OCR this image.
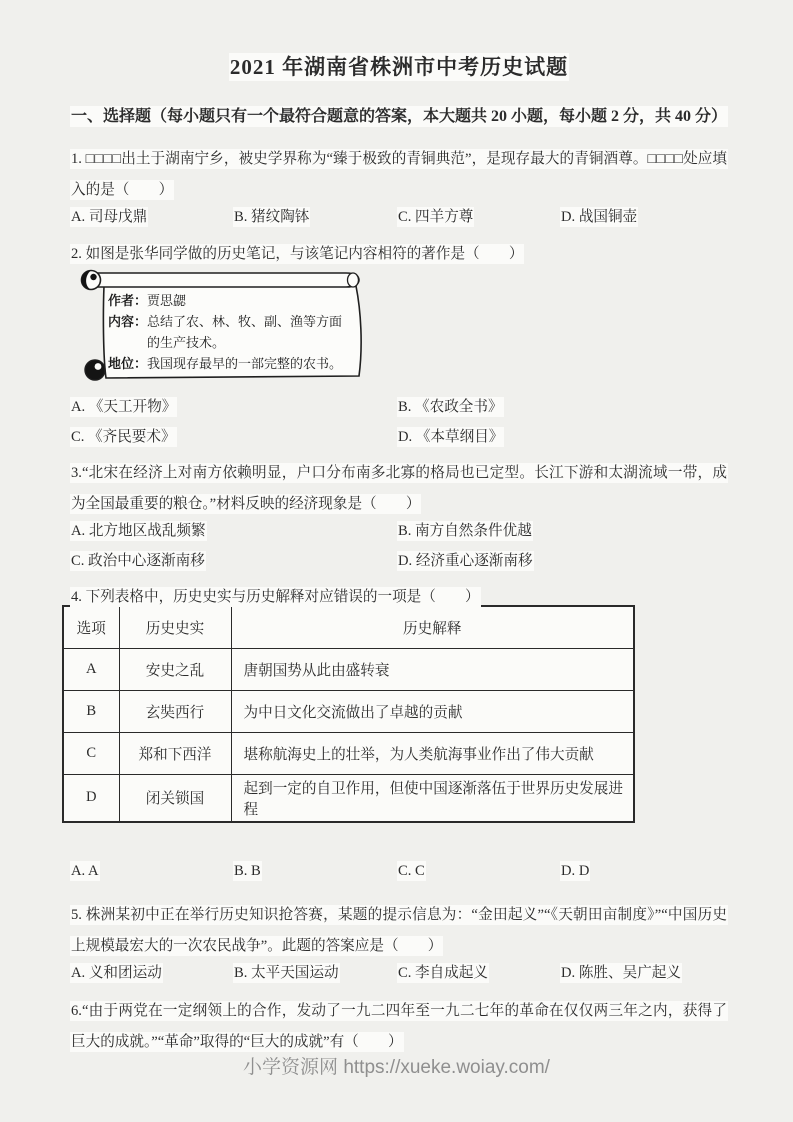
2021 年湖南省株洲市中考历史试题
一、选择题（每小题只有一个最符合题意的答案，本大题共 20 小题，每小题 2 分，共 40 分）

1. □□□□出土于湖南宁乡，被史学界称为“臻于极致的青铜典范”，是现存最大的青铜酒尊。□□□□处应填入的是（　　）

A. 司母戊鼎	B. 猪纹陶钵	C. 四羊方尊	D. 战国铜壶

2. 如图是张华同学做的历史笔记，与该笔记内容相符的著作是（　　）

作者：贾思勰
内容：总结了农、林、牧、副、渔等方面
的生产技术。
地位：我国现存最早的一部完整的农书。
A. 《天工开物》	B. 《农政全书》
C. 《齐民要术》	D. 《本草纲目》

3.“北宋在经济上对南方依赖明显，户口分布南多北寡的格局也已定型。长江下游和太湖流域一带，成为全国最重要的粮仓。”材料反映的经济现象是（　　）

A. 北方地区战乱频繁	B. 南方自然条件优越
C. 政治中心逐渐南移	D. 经济重心逐渐南移

4. 下列表格中，历史史实与历史解释对应错误的一项是（　　）

选项	历史史实	历史解释
A	安史之乱	唐朝国势从此由盛转衰
B	玄奘西行	为中日文化交流做出了卓越的贡献
C	郑和下西洋	堪称航海史上的壮举，为人类航海事业作出了伟大贡献
D	闭关锁国	起到一定的自卫作用，但使中国逐渐落伍于世界历史发展进程
A. A	B. B	C. C	D. D

5. 株洲某初中正在举行历史知识抢答赛，某题的提示信息为：“金田起义”“《天朝田亩制度》”“中国历史上规模最宏大的一次农民战争”。此题的答案应是（　　）

A. 义和团运动	B. 太平天国运动	C. 李自成起义	D. 陈胜、吴广起义

6.“由于两党在一定纲领上的合作，发动了一九二四年至一九二七年的革命在仅仅两三年之内，获得了巨大的成就。”“革命”取得的“巨大的成就”有（　　）

小学资源网 https://xueke.woiay.com/
